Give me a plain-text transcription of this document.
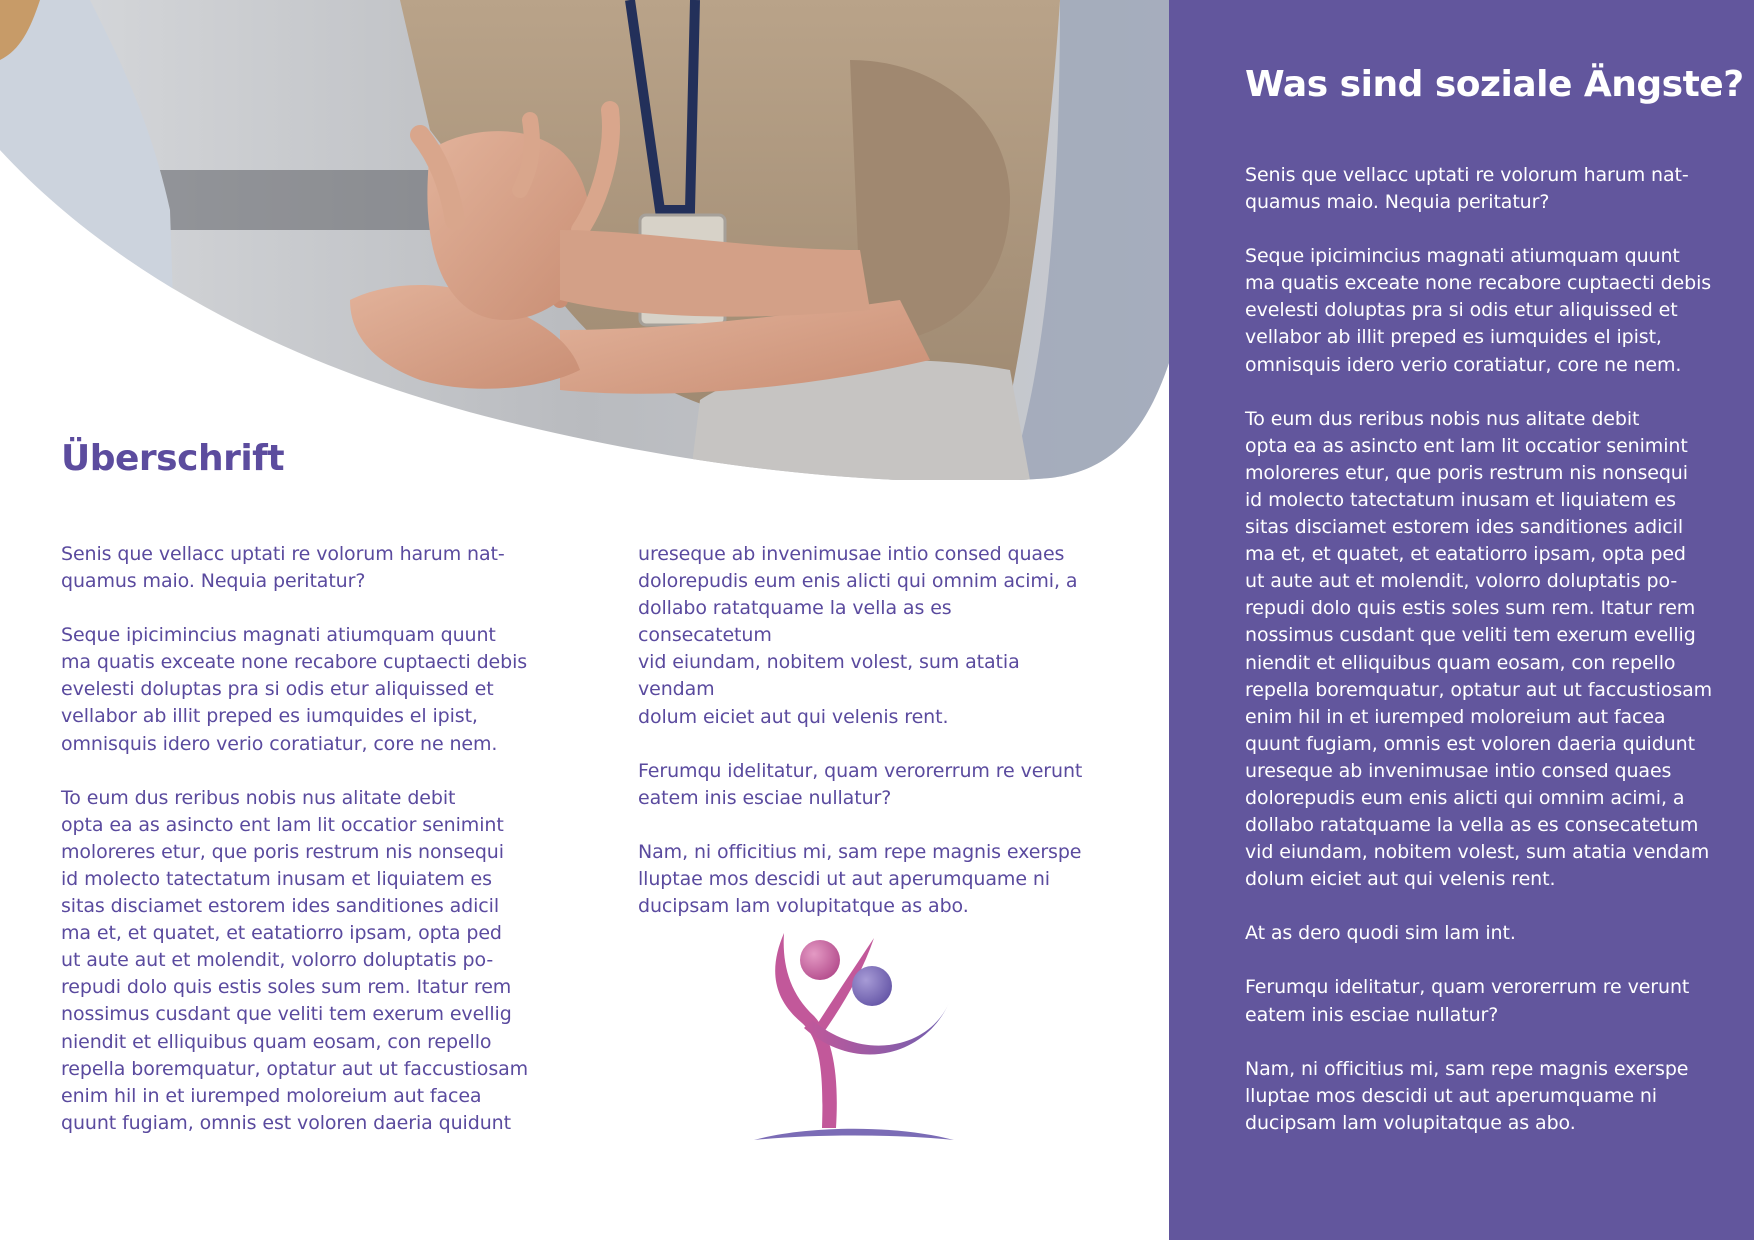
Überschrift

Senis que vellacc uptati re volorum harum nat-
quamus maio. Nequia peritatur?

Seque ipicimincius magnati atiumquam quunt
ma quatis exceate none recabore cuptaecti debis
evelesti doluptas pra si odis etur aliquissed et
vellabor ab illit preped es iumquides el ipist,
omnisquis idero verio coratiatur, core ne nem.

To eum dus reribus nobis nus alitate debit
opta ea as asincto ent lam lit occatior senimint
moloreres etur, que poris restrum nis nonsequi
id molecto tatectatum inusam et liquiatem es
sitas disciamet estorem ides sanditiones adicil
ma et, et quatet, et eatatiorro ipsam, opta ped
ut aute aut et molendit, volorro doluptatis po-
repudi dolo quis estis soles sum rem. Itatur rem
nossimus cusdant que veliti tem exerum evellig
niendit et elliquibus quam eosam, con repello
repella boremquatur, optatur aut ut faccustiosam
enim hil in et iuremped moloreium aut facea
quunt fugiam, omnis est voloren daeria quidunt

ureseque ab invenimusae intio consed quaes
dolorepudis eum enis alicti qui omnim acimi, a
dollabo ratatquame la vella as es consecatetum
vid eiundam, nobitem volest, sum atatia vendam
dolum eiciet aut qui velenis rent.

Ferumqu idelitatur, quam verorerrum re verunt
eatem inis esciae nullatur?

Nam, ni officitius mi, sam repe magnis exerspe
lluptae mos descidi ut aut aperumquame ni
ducipsam lam volupitatque as abo.

Was sind soziale Ängste?

Senis que vellacc uptati re volorum harum nat-
quamus maio. Nequia peritatur?

Seque ipicimincius magnati atiumquam quunt
ma quatis exceate none recabore cuptaecti debis
evelesti doluptas pra si odis etur aliquissed et
vellabor ab illit preped es iumquides el ipist,
omnisquis idero verio coratiatur, core ne nem.

To eum dus reribus nobis nus alitate debit
opta ea as asincto ent lam lit occatior senimint
moloreres etur, que poris restrum nis nonsequi
id molecto tatectatum inusam et liquiatem es
sitas disciamet estorem ides sanditiones adicil
ma et, et quatet, et eatatiorro ipsam, opta ped
ut aute aut et molendit, volorro doluptatis po-
repudi dolo quis estis soles sum rem. Itatur rem
nossimus cusdant que veliti tem exerum evellig
niendit et elliquibus quam eosam, con repello
repella boremquatur, optatur aut ut faccustiosam
enim hil in et iuremped moloreium aut facea
quunt fugiam, omnis est voloren daeria quidunt
ureseque ab invenimusae intio consed quaes
dolorepudis eum enis alicti qui omnim acimi, a
dollabo ratatquame la vella as es consecatetum
vid eiundam, nobitem volest, sum atatia vendam
dolum eiciet aut qui velenis rent.

At as dero quodi sim lam int.

Ferumqu idelitatur, quam verorerrum re verunt
eatem inis esciae nullatur?

Nam, ni officitius mi, sam repe magnis exerspe
lluptae mos descidi ut aut aperumquame ni
ducipsam lam volupitatque as abo.
